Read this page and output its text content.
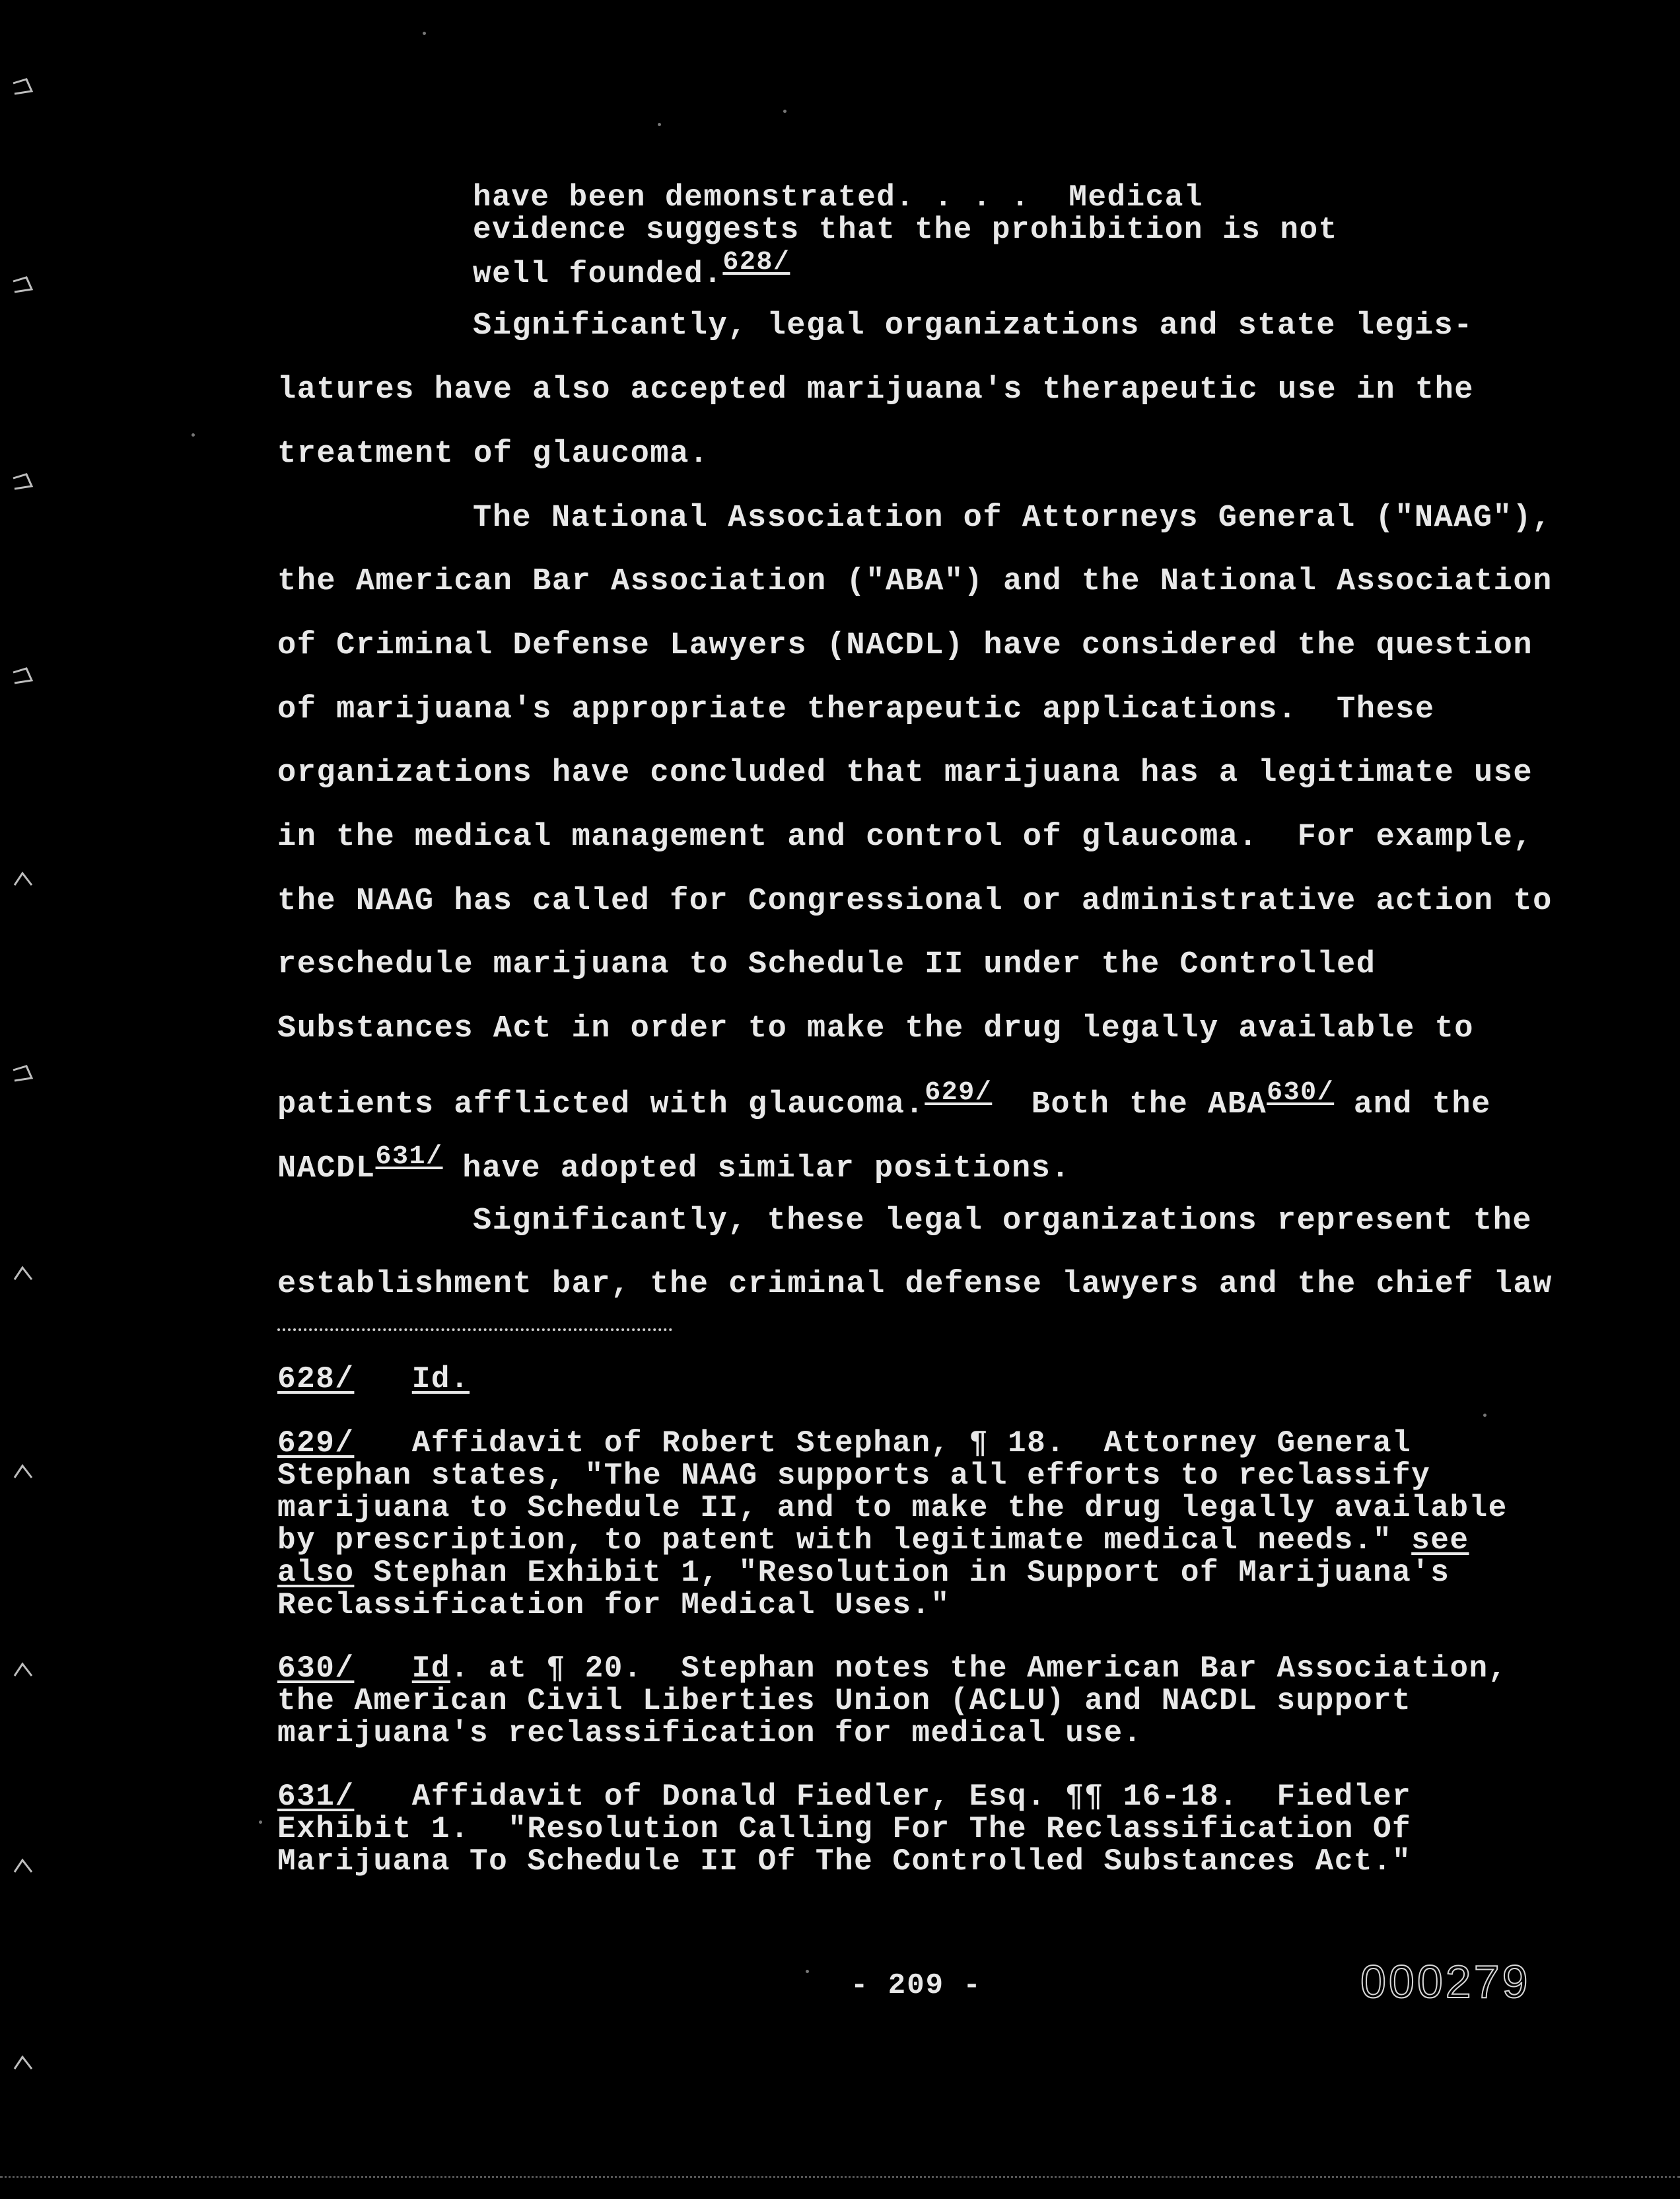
have been demonstrated. . . .  Medical
evidence suggests that the prohibition is not
well founded.628/
Significantly, legal organizations and state legis-
latures have also accepted marijuana's therapeutic use in the
treatment of glaucoma.
The National Association of Attorneys General ("NAAG"),
the American Bar Association ("ABA") and the National Association
of Criminal Defense Lawyers (NACDL) have considered the question
of marijuana's appropriate therapeutic applications.  These
organizations have concluded that marijuana has a legitimate use
in the medical management and control of glaucoma.  For example,
the NAAG has called for Congressional or administrative action to
reschedule marijuana to Schedule II under the Controlled
Substances Act in order to make the drug legally available to
patients afflicted with glaucoma.629/  Both the ABA630/ and the
NACDL631/ have adopted similar positions.
Significantly, these legal organizations represent the
establishment bar, the criminal defense lawyers and the chief law
628/ Id.
629/   Affidavit of Robert Stephan, ¶ 18.  Attorney General
Stephan states, "The NAAG supports all efforts to reclassify
marijuana to Schedule II, and to make the drug legally available
by prescription, to patent with legitimate medical needs." see
also Stephan Exhibit 1, "Resolution in Support of Marijuana's
Reclassification for Medical Uses."
630/ Id. at ¶ 20.  Stephan notes the American Bar Association,
the American Civil Liberties Union (ACLU) and NACDL support
marijuana's reclassification for medical use.
631/   Affidavit of Donald Fiedler, Esq. ¶¶ 16-18.  Fiedler
Exhibit 1.  "Resolution Calling For The Reclassification Of
Marijuana To Schedule II Of The Controlled Substances Act."
- 209 -	000279
